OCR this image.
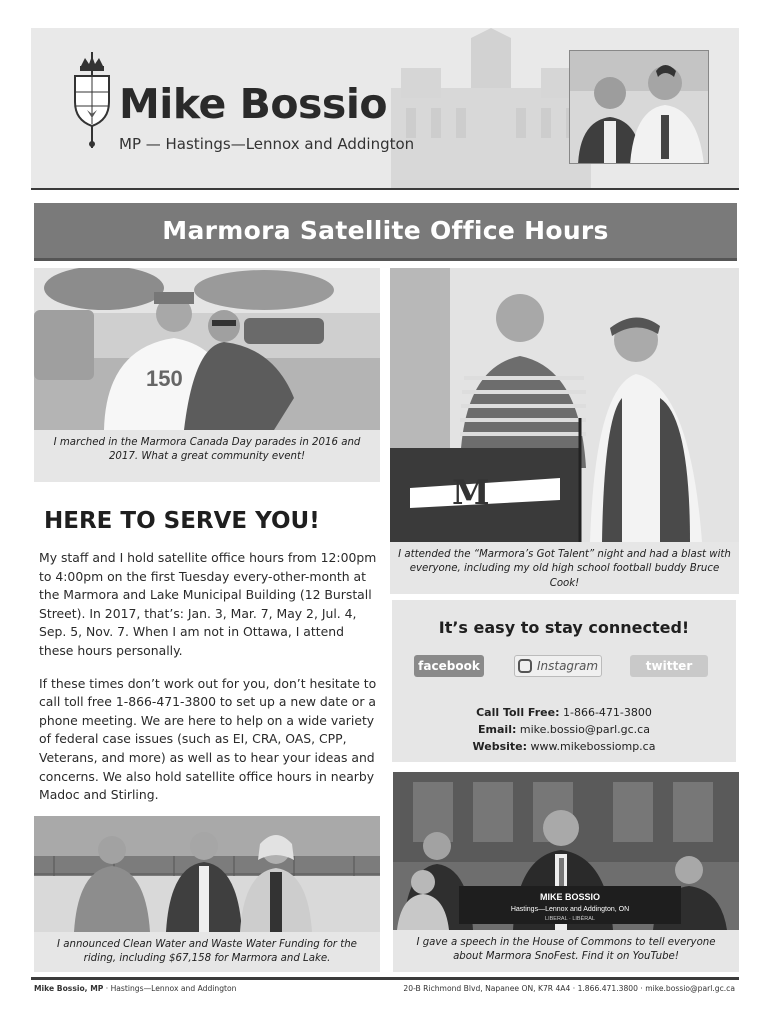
Mike Bossio
MP — Hastings—Lennox and Addington
Marmora Satellite Office Hours
150
I marched in the Marmora Canada Day parades in 2016 and 2017. What a great community event!
M
I attended the “Marmora’s Got Talent” night and had a blast with everyone, including my old high school football buddy Bruce Cook!
HERE TO SERVE YOU!

My staff and I hold satellite office hours from 12:00pm to 4:00pm on the first Tuesday every-other-month at the Marmora and Lake Municipal Building (12 Burstall Street). In 2017, that’s: Jan. 3, Mar. 7, May 2, Jul. 4, Sep. 5, Nov. 7. When I am not in Ottawa, I attend these hours personally.

If these times don’t work out for you, don’t hesitate to call toll free 1-866-471-3800 to set up a new date or a phone meeting. We are here to help on a wide variety of federal case issues (such as EI, CRA, OAS, CPP, Veterans, and more) as well as to hear your ideas and concerns. We also hold satellite office hours in nearby Madoc and Stirling.

It’s easy to stay connected!
facebook	Instagram	twitter
Call Toll Free: 1-866-471-3800
Email: mike.bossio@parl.gc.ca
Website: www.mikebossiomp.ca
I announced Clean Water and Waste Water Funding for the riding, including $67,158 for Marmora and Lake.
MIKE BOSSIO
Hastings—Lennox and Addington, ON
LIBERAL · LIBÉRAL
I gave a speech in the House of Commons to tell everyone about Marmora SnoFest. Find it on YouTube!
Mike Bossio, MP · Hastings—Lennox and Addington	20-B Richmond Blvd, Napanee ON, K7R 4A4 · 1.866.471.3800 · mike.bossio@parl.gc.ca
